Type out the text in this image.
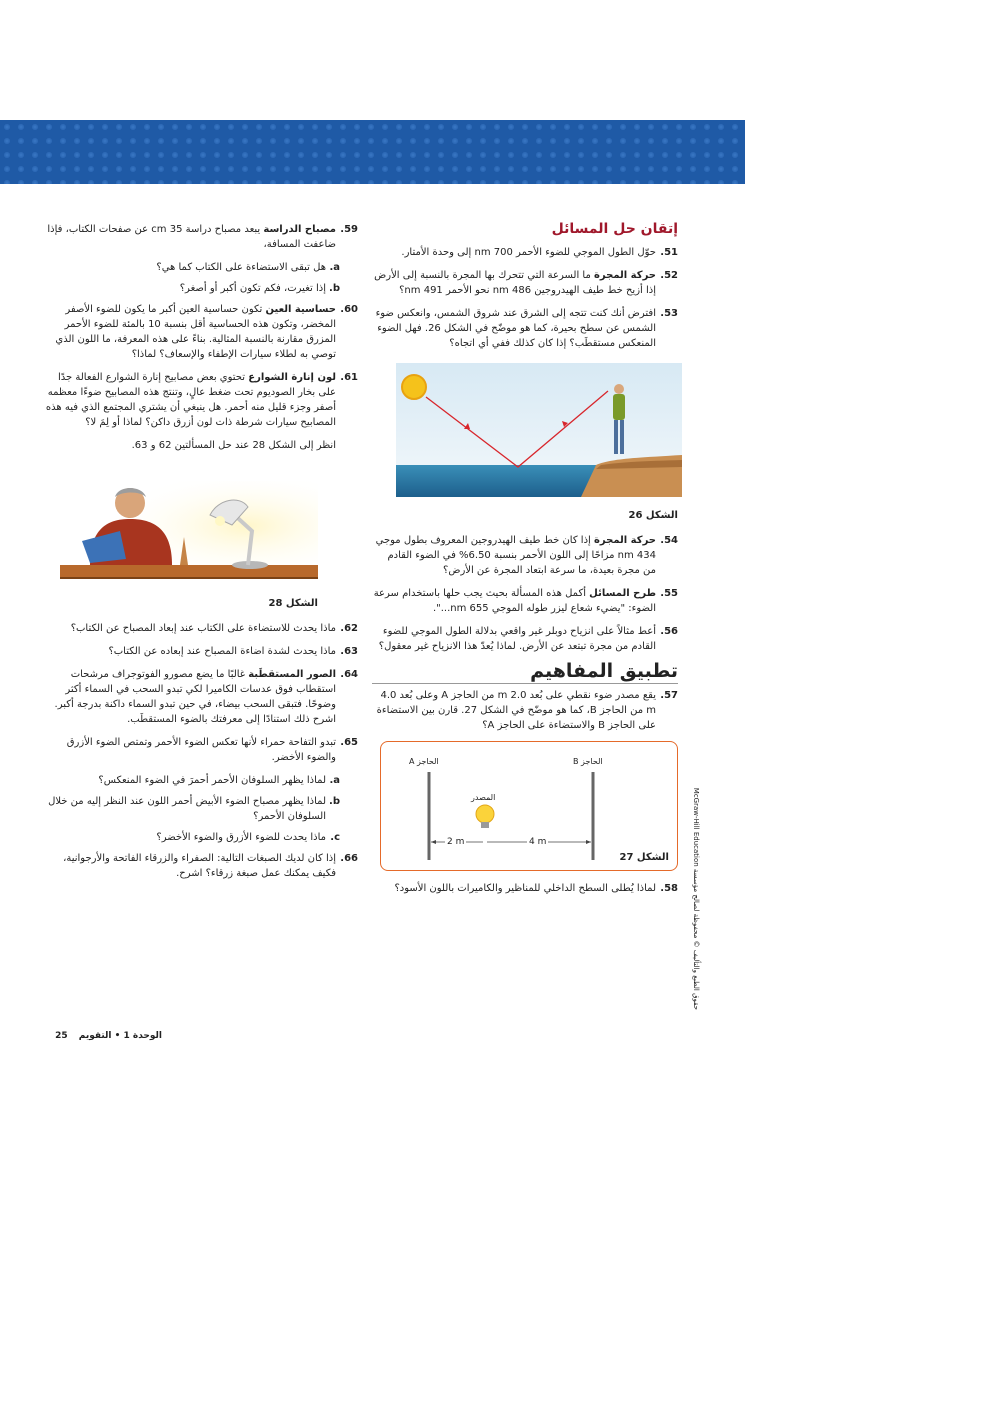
إتقان حل المسائل
51.
حوّل الطول الموجي للضوء الأحمر 700 nm إلى وحدة الأمتار.
52.
حركة المجرة ما السرعة التي تتحرك بها المجرة بالنسبة إلى الأرض إذا أزيح خط طيف الهيدروجين 486 nm نحو الأحمر 491 nm؟
53.
افترض أنك كنت تتجه إلى الشرق عند شروق الشمس، وانعكس ضوء الشمس عن سطح بحيرة، كما هو موضّح في الشكل 26. فهل الضوء المنعكس مستقطَب؟ إذا كان كذلك ففي أي اتجاه؟
الشكل 26
54.
حركة المجرة إذا كان خط طيف الهيدروجين المعروف بطول موجي 434 nm مزاحًا إلى اللون الأحمر بنسبة 6.50% في الضوء القادم من مجرة بعيدة، ما سرعة ابتعاد المجرة عن الأرض؟
55.
طرح المسائل أكمل هذه المسألة بحيث يجب حلها باستخدام سرعة الضوء: "يضيء شعاع ليزر طوله الموجي 655 nm...".
56.
أعط مثالاً على انزياح دوبلر غير واقعي بدلالة الطول الموجي للضوء القادم من مجرة تبتعد عن الأرض. لماذا يُعدّ هذا الانزياح غير معقول؟
تطبيق المفاهيم
57.
يقع مصدر ضوء نقطي على بُعد 2.0 m من الحاجز A وعلى بُعد 4.0 m من الحاجز B، كما هو موضّح في الشكل 27. قارن بين الاستضاءة على الحاجز B والاستضاءة على الحاجز A؟
الحاجز A	الحاجز B
المصدر
2 m	4 m
الشكل 27
58.
لماذا يُطلى السطح الداخلي للمناظير والكاميرات باللون الأسود؟
59.
مصباح الدراسة يبعد مصباح دراسة 35 cm عن صفحات الكتاب، فإذا ضاعفت المسافة،
a.
هل تبقى الاستضاءة على الكتاب كما هي؟
b.
إذا تغيرت، فكم تكون أكبر أو أصغر؟
60.
حساسية العين تكون حساسية العين أكبر ما يكون للضوء الأصفر المخضر، وتكون هذه الحساسية أقل بنسبة 10 بالمئة للضوء الأحمر المزرق مقارنة بالنسبة المثالية. بناءً على هذه المعرفة، ما اللون الذي توصي به لطلاء سيارات الإطفاء والإسعاف؟ لماذا؟
61.
لون إنارة الشوارع تحتوي بعض مصابيح إنارة الشوارع الفعالة جدًا على بخار الصوديوم تحت ضغط عالٍ، وتنتج هذه المصابيح ضوءًا معظمه أصفر وجزء قليل منه أحمر. هل ينبغي أن يشتري المجتمع الذي فيه هذه المصابيح سيارات شرطة ذات لون أزرق داكن؟ لماذا أو لِمَ لا؟
انظر إلى الشكل 28 عند حل المسألتين 62 و 63.
الشكل 28
62.
ماذا يحدث للاستضاءة على الكتاب عند إبعاد المصباح عن الكتاب؟
63.
ماذا يحدث لشدة اضاءة المصباح عند إبعاده عن الكتاب؟
64.
الصور المستقطَبة غالبًا ما يضع مصورو الفوتوجراف مرشحات استقطاب فوق عدسات الكاميرا لكي تبدو السحب في السماء أكثر وضوحًا. فتبقى السحب بيضاء، في حين تبدو السماء داكنة بدرجة أكبر. اشرح ذلك استنادًا إلى معرفتك بالضوء المستقطَب.
65.
تبدو التفاحة حمراء لأنها تعكس الضوء الأحمر وتمتص الضوء الأزرق والضوء الأخضر.
a.
لماذا يظهر السلوفان الأحمر أحمرَ في الضوء المنعكس؟
b.
لماذا يظهر مصباح الضوء الأبيض أحمر اللون عند النظر إليه من خلال السلوفان الأحمر؟
c.
ماذا يحدث للضوء الأزرق والضوء الأخضر؟
66.
إذا كان لديك الصبغات التالية: الصفراء والزرقاء الفاتحة والأرجوانية، فكيف يمكنك عمل صبغة زرقاء؟ اشرح.
الوحدة 1 • التقويم 25
حقوق الطبع والتأليف © محفوظة لصالح مؤسسة McGraw-Hill Education
